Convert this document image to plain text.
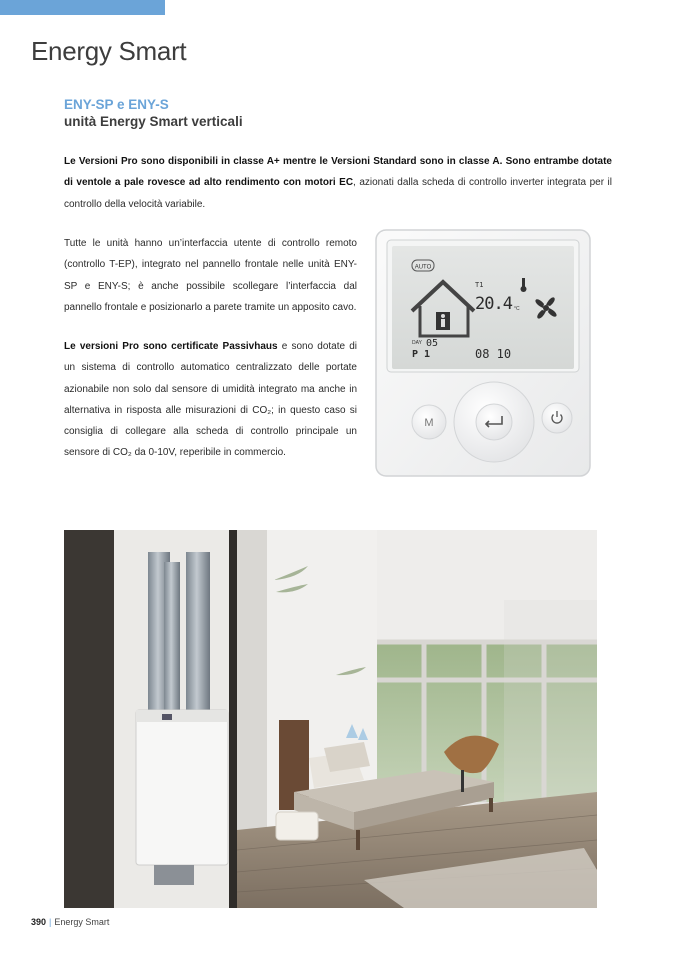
Energy Smart
ENY-SP e ENY-S
unità Energy Smart verticali

Le Versioni Pro sono disponibili in classe A+ mentre le Versioni Standard sono in classe A. Sono entrambe dotate di ventole a pale rovesce ad alto rendimento con motori EC, azionati dalla scheda di controllo inverter integrata per il controllo della velocità variabile.

Tutte le unità hanno un’interfaccia utente di controllo remoto (controllo T-EP), integrato nel pannello frontale nelle unità ENY-SP e ENY-S; è anche possibile scollegare l’interfaccia dal pannello frontale e posizionarlo a parete tramite un apposito cavo.

Le versioni Pro sono certificate Passivhaus e sono dotate di un sistema di controllo automatico centralizzato delle portate azionabile non solo dal sensore di umidità integrato ma anche in alternativa in risposta alle misurazioni di CO₂; in questo caso si consiglia di collegare alla scheda di controllo principale un sensore di CO₂ da 0-10V, reperibile in commercio.

AUTO
T1
20.4 °C
DAY 05
P 1	08 10
M
390 | Energy Smart
